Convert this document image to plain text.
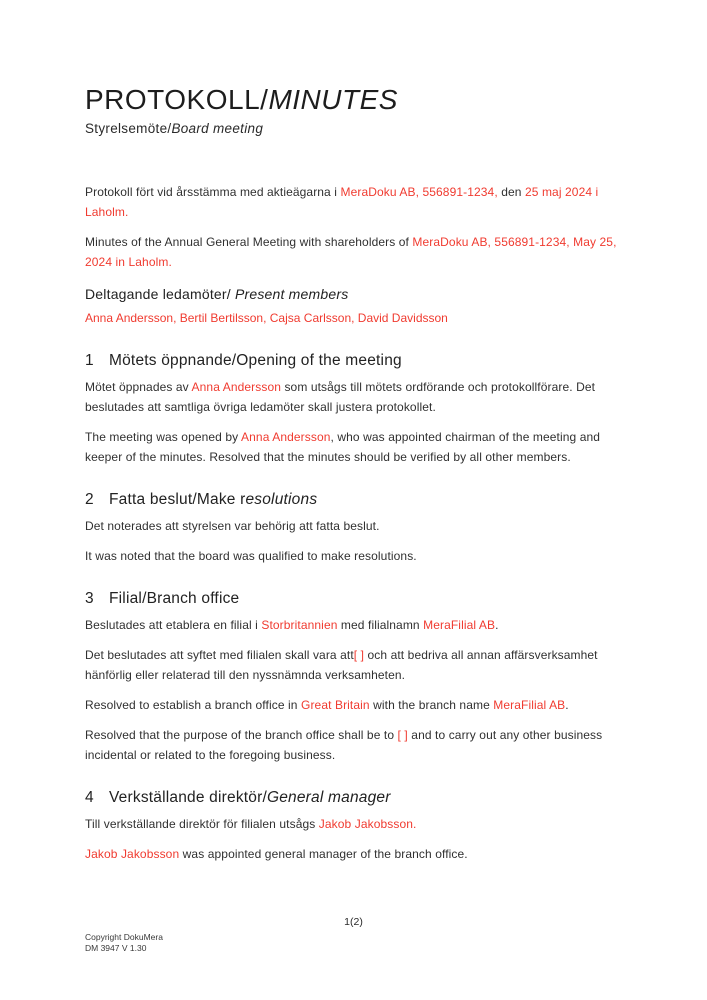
PROTOKOLL/MINUTES
Styrelsemöte/Board meeting

Protokoll fört vid årsstämma med aktieägarna i MeraDoku AB, 556891-1234, den 25 maj 2024 i Laholm.

Minutes of the Annual General Meeting with shareholders of MeraDoku AB, 556891-1234, May 25, 2024 in Laholm.

Deltagande ledamöter/ Present members
Anna Andersson, Bertil Bertilsson, Cajsa Carlsson, David Davidsson
1 Mötets öppnande/Opening of the meeting

Mötet öppnades av Anna Andersson som utsågs till mötets ordförande och protokollförare. Det beslutades att samtliga övriga ledamöter skall justera protokollet.

The meeting was opened by Anna Andersson, who was appointed chairman of the meeting and keeper of the minutes. Resolved that the minutes should be verified by all other members.

2 Fatta beslut/Make resolutions

Det noterades att styrelsen var behörig att fatta beslut.

It was noted that the board was qualified to make resolutions.

3 Filial/Branch office

Beslutades att etablera en filial i Storbritannien med filialnamn MeraFilial AB.

Det beslutades att syftet med filialen skall vara att[ ] och att bedriva all annan affärsverksamhet hänförlig eller relaterad till den nyssnämnda verksamheten.

Resolved to establish a branch office in Great Britain with the branch name MeraFilial AB.

Resolved that the purpose of the branch office shall be to [ ] and to carry out any other business incidental or related to the foregoing business.

4 Verkställande direktör/General manager

Till verkställande direktör för filialen utsågs Jakob Jakobsson.

Jakob Jakobsson was appointed general manager of the branch office.

1(2)
Copyright DokuMera
DM 3947 V 1.30
